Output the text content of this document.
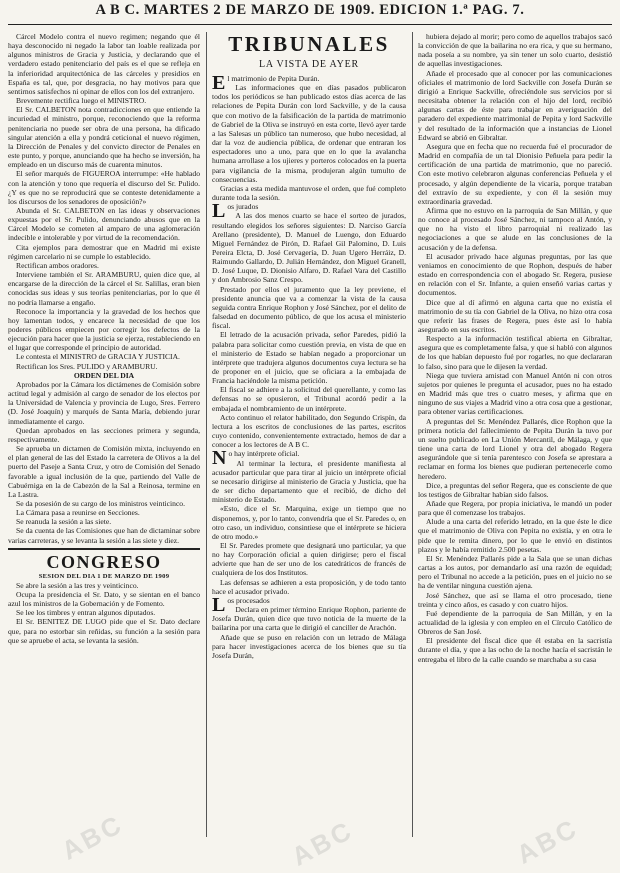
A B C. MARTES 2 DE MARZO DE 1909. EDICION 1.ª PAG. 7.

Cárcel Modelo contra el nuevo regimen; negando que él haya desconocido ni negado la labor tan loable realizada por algunos ministros de Gracia y Justicia, y declarando que el verdadero estado penitenciario del país es el que se refleja en la inferioridad arquitectónica de las cárceles y presidios en España es tal, que, por desgracia, no hay motivos para que sentirnos satisfechos ni opinar de ellos con los del extranjero.

Brevemente rectifica luego el MINISTRO.

El Sr. CALBETON nota contradicciones en que entiende la incuriedad el ministro, porque, reconociendo que la reforma penitenciaria no puede ser obra de una persona, ha dificado singular atención a ella y pondrá ceticional el nuevo régimen, la Dirección de Penales y del convicto director de Penales en este punto, y porque, anunciando que ha hecho se inversión, ha empleado en un discurso más de cuarenta minutos.

El señor marqués de FIGUEROA interrumpe: «He hablado con la atención y tono que requería el discurso del Sr. Pulido. ¿Y es que no se reproducirá que se conteste detenidamente a los discursos de los senadores de oposición?»

Abunda el Sr. CALBETON en las ideas y observaciones expuestas por el Sr. Pulido, denunciando abusos que en la Cárcel Modelo se cometen al amparo de una aglomeración indecible e intolerable y por virtud de la recomendación.

Cita ejemplos para demostrar que en Madrid mi existe régimen carcelario ni se cumple lo establecido.

Rectifican ambos oradores.

Interviene también el Sr. ARAMBURU, quien dice que, al encargarse de la dirección de la cárcel el Sr. Salillas, eran bien conocidas sus ideas y sus teorías penitenciarias, por lo que él no podría llamarse a engaño.

Reconoce la importancia y la gravedad de los hechos que hoy lamentan todos, y encarece la necesidad de que los poderes públicos empiecen por corregir los defectos de la ejecución para hacer que la justicia se ejerza, restableciendo en el lugar que corresponde el principio de autoridad.

Le contesta el MINISTRO de GRACIA Y JUSTICIA.

Rectifican los Sres. PULIDO y ARAMBURU.

ORDEN DEL DIA

Aprobados por la Cámara los dictámenes de Comisión sobre actitud legal y admisión al cargo de senador de los electos por la Universidad de Valencia y provincia de Lugo, Sres. Ferrero (D. José Joaquín) y marqués de Santa María, debiendo jurar inmediatamente el cargo.

Quedan aprobados en las secciones primera y segunda, respectivamente.

Se aprueba un dictamen de Comisión mixta, incluyendo en el plan general de las del Estado la carretera de Olivos a la del puerto del Paseje a Santa Cruz, y otro de Comisión del Senado favorable a igual inclusión de la que, partiendo del Valle de Cabuérniga en la de Cabezón de la Sal a Reinosa, termine en La Lastra.

Se da posesión de su cargo de los ministros veinticinco.

La Cámara pasa a reunirse en Secciones.

Se reanuda la sesión a las siete.

Se da cuenta de las Comisiones que han de dictaminar sobre varias carreteras, y se levanta la sesión a las siete y diez.

CONGRESO
SESION DEL DIA 1 DE MARZO DE 1909

Se abre la sesión a las tres y veinticinco.

Ocupa la presidencia el Sr. Dato, y se sientan en el banco azul los ministros de la Gobernación y de Fomento.

Se lee los timbres y entran algunos diputados.

El Sr. BENITEZ DE LUGO pide que el Sr. Dato declare que, para no estorbar sin reñidas, su función a la sesión para que se apruebe el acta, se levanta la sesión.

TRIBUNALES
LA VISTA DE AYER

El matrimonio de Pepita Durán.

Las informaciones que en días pasados publicaron todos los periódicos se han publicado estos días acerca de las relaciones de Pepita Durán con lord Sackville, y de la causa que con motivo de la falsificación de la partida de matrimonio de Gabriel de la Oliva se instruyó en esta corte, llevó ayer tarde a las Salesas un público tan numeroso, que hubo necesidad, al dar la voz de audiencia pública, de ordenar que entraran los espectadores uno a uno, para que en lo que la avalancha humana arrollase a los ujieres y porteros colocados en la puerta para vigilancia de la misma, produjeran algún tumulto de consecuencias.

Gracias a esta medida mantuvose el orden, que fué completo durante toda la sesión.

Los jurados

A las dos menos cuarto se hace el sorteo de jurados, resultando elegidos los señores siguientes: D. Narciso García Arellano (presidente), D. Manuel de Luengo, don Eduardo Miguel Fernández de Pirón, D. Rafael Gil Palomino, D. Luis Pereira Elcta, D. José Cervagería, D. Juan Ugero Herráiz, D. Raimundo Gallardo, D. Julián Hernández, don Miguel Granell, D. José Luque, D. Dionisio Alfaro, D. Rafael Vara del Castillo y don Ambrosio Sanz Crespo.

Prestado por ellos el juramento que la ley previene, el presidente anuncia que va a comenzar la vista de la causa seguida contra Enrique Rophon y José Sánchez, por el delito de falsedad en documento público, de que los acusa el ministerio fiscal.

El letrado de la acusación privada, señor Paredes, pidió la palabra para solicitar como cuestión previa, en vista de que en el ministerio de Estado se habían negado a proporcionar un intérprete que tradujera algunos documentos cuya lectura se ha de proponer en el juicio, que se oficiara a la embajada de Francia haciéndole la misma petición.

El fiscal se adhiere a la solicitud del querellante, y como las defensas no se opusieron, el Tribunal acordó pedir a la embajada el nombramiento de un intérprete.

Acto continuo el relator habilitado, don Segundo Crispín, da lectura a los escritos de conclusiones de las partes, escritos cuyo contenido, convenientemente extractado, hemos de dar a conocer a los lectores de A B C.

No hay intérprete oficial.

Al terminar la lectura, el presidente manifiesta al acusador particular que para tirar al juicio un intérprete oficial se necesario dirigirse al ministerio de Gracia y Justicia, que ha de ser dicho departamento que el recibió, de dicho del ministerio de Estado.

«Esto, dice el Sr. Marquina, exige un tiempo que no disponemos, y, por lo tanto, convendría que el Sr. Paredes o, en otro caso, un individuo, consintiese que el intérprete se hiciera de otro modo.»

El Sr. Paredes promete que designará uno particular, ya que no hay Corporación oficial a quien dirigirse; pero el fiscal advierte que han de ser uno de los catedráticos de francés de cualquiera de los dos Institutos.

Las defensas se adhieren a esta proposición, y de todo tanto hace el acusador privado.

Los procesados

Declara en primer término Enrique Rophon, pariente de Josefa Durán, quien dice que tuvo noticia de la muerte de la bailarina por una carta que le dirigió el canciller de Arachón.

Añade que se puso en relación con un letrado de Málaga para hacer investigaciones acerca de los bienes que su tía Josefa Durán,

hubiera dejado al morir; pero como de aquellos trabajos sacó la convicción de que la bailarina no era rica, y que su hermano, nada poseía a su nombre, ya sin tener un solo cuarto, desistió de aquellas investigaciones.

Añade el procesado que al conocer por las comunicaciones oficiales el matrimonio de lord Sackville con Josefa Durán se dirigió a Enrique Sackville, ofreciéndole sus servicios por si necesitaba obtener la relación con el hijo del lord, recibió algunas cartas de éste para trabajar en averiguación del paradero del expediente matrimonial de Pepita y lord Sackville y del resultado de la información que a instancias de Lionel Edward se abrió en Gibraltar.

Asegura que en fecha que no recuerda fué el procurador de Madrid en compañía de un tal Dionisio Peñuela para pedir la certificación de una partida de matrimonio, que no pareció. Con este motivo celebraron algunas conferencias Peñuela y el procesado, y algún dependiente de la vicaría, porque trataban del extravío de su expediente, y con él la sesión muy extraordinaria gravedad.

Afirma que no estuvo en la parroquia de San Millán, y que no conoce al procesado José Sánchez, ni tampoco al Antón, y que no ha visto el libro parroquial ni realizado las negociaciones a que se alude en las conclusiones de la acusación y de la defensa.

El acusador privado hace algunas preguntas, por las que veniamos en conocimiento de que Rophon, después de haber estado en correspondencia con el abogado Sr. Regera, pusiese en relación con el Sr. Infante, a quien enseñó varias cartas y documentos.

Dice que al dí afirmó en alguna carta que no existía el matrimonio de su tía con Gabriel de la Oliva, no hizo otra cosa que referir las frases de Regera, pues éste así lo había asegurado en sus escritos.

Respecto a la información testifical abierta en Gibraltar, asegura que es completamente falsa, y que si habló con algunos de los que habían depuesto fué por rogarles, no que declararan lo falso, sino para que le dijesen la verdad.

Niega que tuviera amistad con Manuel Antón ni con otros sujetos por quienes le pregunta el acusador, pues no ha estado en Madrid más que tres o cuatro meses, y afirma que en ninguno de sus viajes a Madrid vino a otra cosa que a gestionar, para obtener varias certificaciones.

A preguntas del Sr. Menéndez Pallarés, dice Rophon que la primera noticia del fallecimiento de Pepita Durán la tuvo por un suelto publicado en La Unión Mercantil, de Málaga, y que tiene una carta de lord Lionel y otra del abogado Regera asegurándole que si tenía parentesco con Josefa se aprestara a reclamar en forma los bienes que pudieran pertenecerle como heredero.

Dice, a preguntas del señor Regera, que es consciente de que los testigos de Gibraltar habían sido falsos.

Añade que Regera, por propia iniciativa, le mandó un poder para que él comenzase los trabajos.

Alude a una carta del referido letrado, en la que éste le dice que el matrimonio de Oliva con Pepita no existía, y en otra le pide que le remita dinero, por lo que le envió en distintos plazos y le había remitido 2.500 pesetas.

El Sr. Menéndez Pallarés pide a la Sala que se unan dichas cartas a los autos, por demandarlo así una razón de equidad; pero el Tribunal no accede a la petición, pues en el juicio no se ha de ventilar ninguna cuestión ajena.

José Sánchez, que así se llama el otro procesado, tiene treinta y cinco años, es casado y con cuatro hijos.

Fué dependiente de la parroquia de San Millán, y en la actualidad de la iglesia y con empleo en el Círculo Católico de Obreros de San José.

El presidente del fiscal dice que él estaba en la sacristía durante el día, y que a las ocho de la noche hacía el sacristán le entregaba el libro de la calle cuando se marchaba a su casa

ABC	ABC	ABC
